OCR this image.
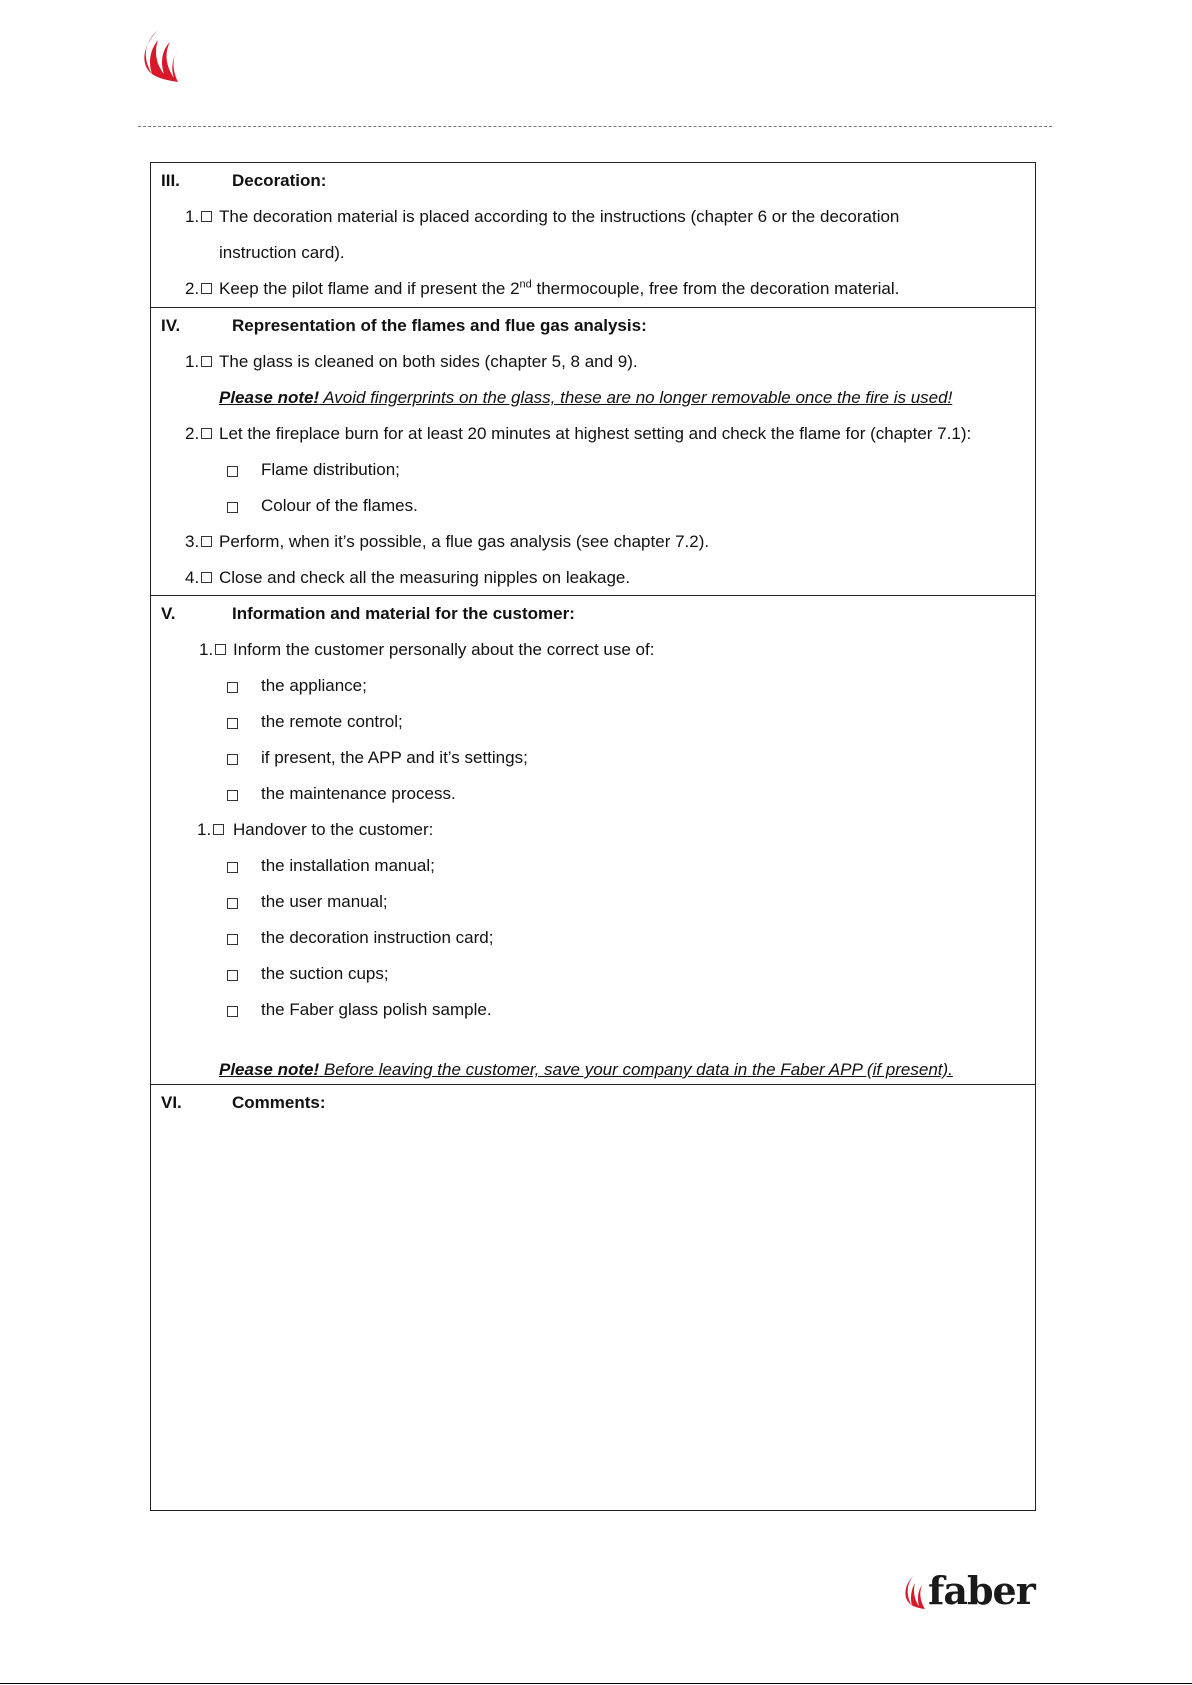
III.	Decoration:
1.	The decoration material is placed according to the instructions (chapter 6 or the decoration
instruction card).
2.	Keep the pilot flame and if present the 2nd thermocouple, free from the decoration material.
IV.	Representation of the flames and flue gas analysis:
1.	The glass is cleaned on both sides (chapter 5, 8 and 9).
Please note! Avoid fingerprints on the glass, these are no longer removable once the fire is used!
2.	Let the fireplace burn for at least 20 minutes at highest setting and check the flame for (chapter 7.1):
Flame distribution;
Colour of the flames.
3.	Perform, when it’s possible, a flue gas analysis (see chapter 7.2).
4.	Close and check all the measuring nipples on leakage.
V.	Information and material for the customer:
1.	Inform the customer personally about the correct use of:
the appliance;
the remote control;
if present, the APP and it’s settings;
the maintenance process.
1.	Handover to the customer:
the installation manual;
the user manual;
the decoration instruction card;
the suction cups;
the Faber glass polish sample.
Please note! Before leaving the customer, save your company data in the Faber APP (if present).
VI.	Comments:
faber
